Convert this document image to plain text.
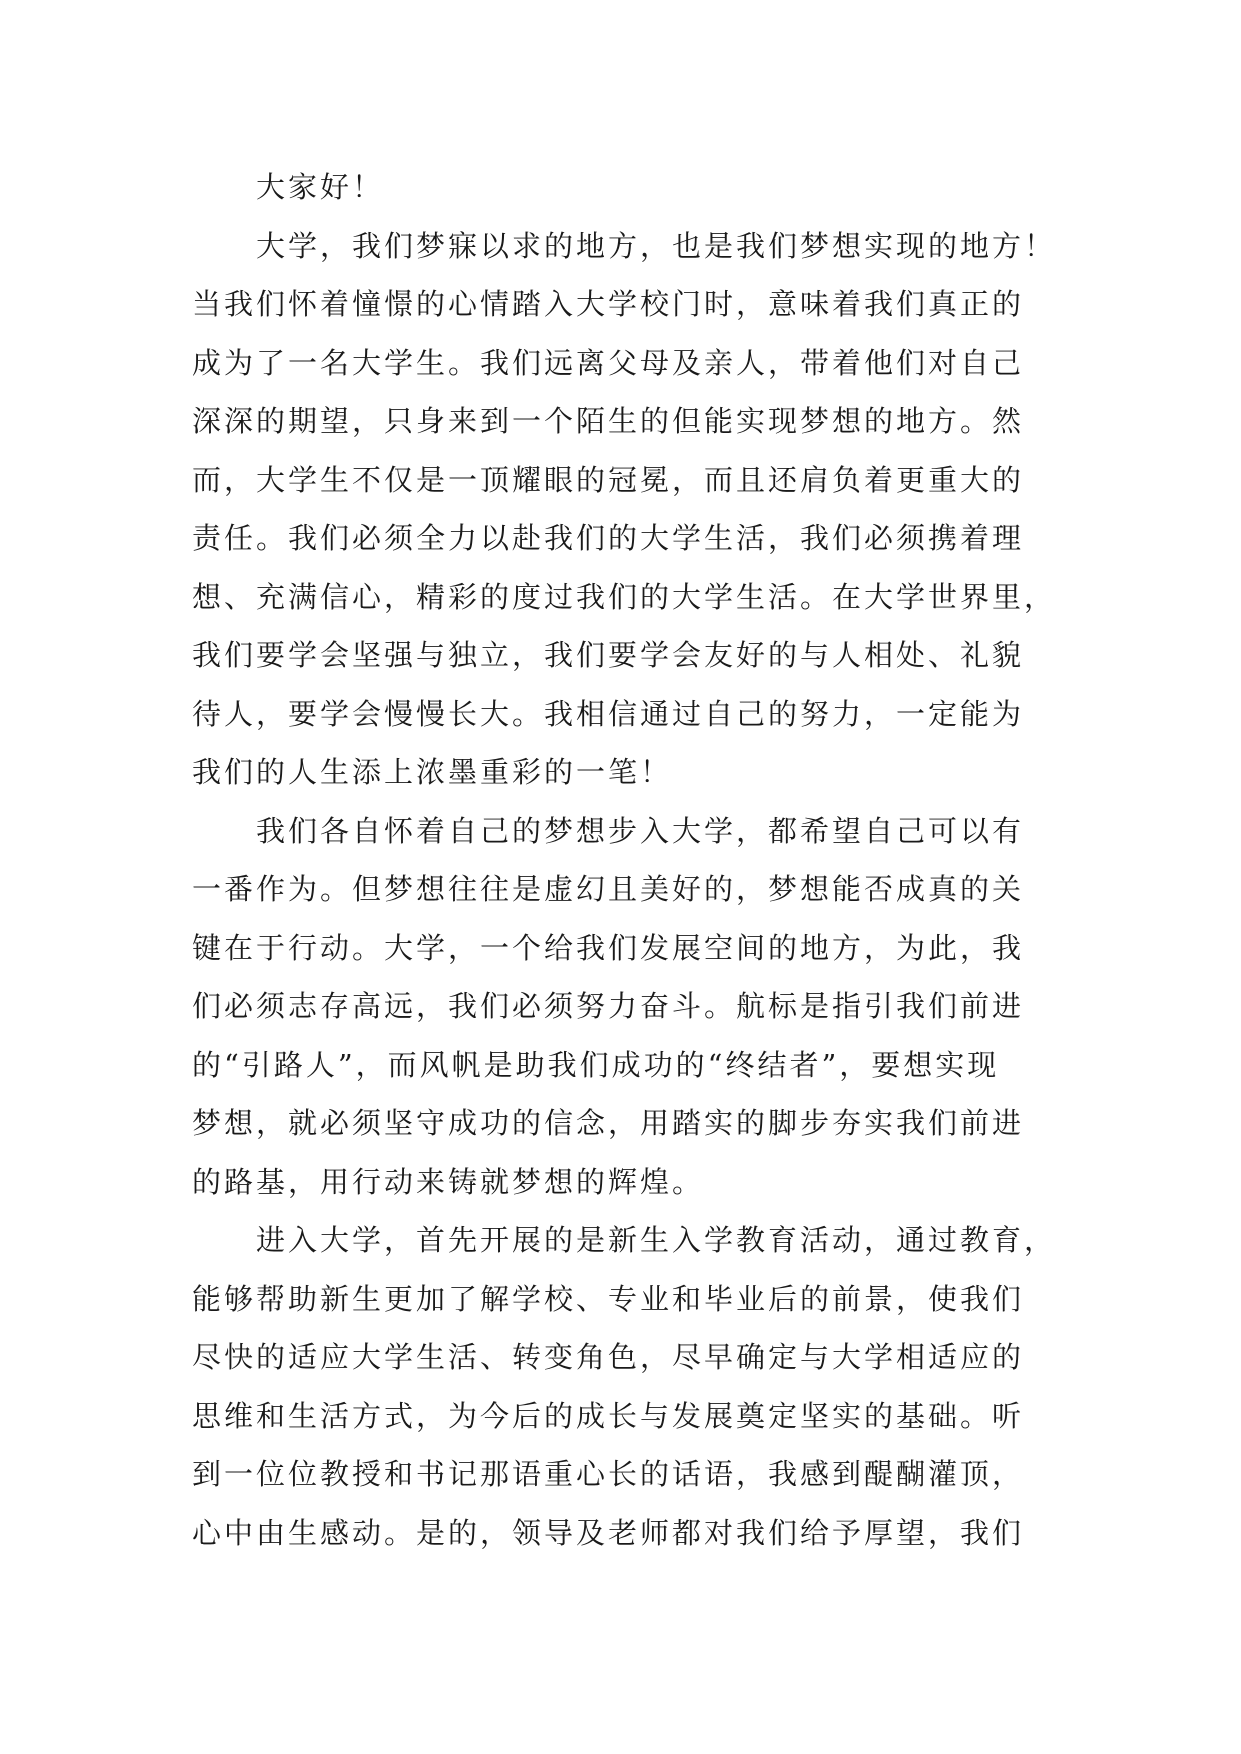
大家好！

大学，我们梦寐以求的地方，也是我们梦想实现的地方！

当我们怀着憧憬的心情踏入大学校门时，意味着我们真正的

成为了一名大学生。我们远离父母及亲人，带着他们对自己

深深的期望，只身来到一个陌生的但能实现梦想的地方。然

而，大学生不仅是一顶耀眼的冠冕，而且还肩负着更重大的

责任。我们必须全力以赴我们的大学生活，我们必须携着理

想、充满信心，精彩的度过我们的大学生活。在大学世界里，

我们要学会坚强与独立，我们要学会友好的与人相处、礼貌

待人，要学会慢慢长大。我相信通过自己的努力，一定能为

我们的人生添上浓墨重彩的一笔！

我们各自怀着自己的梦想步入大学，都希望自己可以有

一番作为。但梦想往往是虚幻且美好的，梦想能否成真的关

键在于行动。大学，一个给我们发展空间的地方，为此，我

们必须志存高远，我们必须努力奋斗。航标是指引我们前进

的“引路人”，而风帆是助我们成功的“终结者”，要想实现

梦想，就必须坚守成功的信念，用踏实的脚步夯实我们前进

的路基，用行动来铸就梦想的辉煌。

进入大学，首先开展的是新生入学教育活动，通过教育，

能够帮助新生更加了解学校、专业和毕业后的前景，使我们

尽快的适应大学生活、转变角色，尽早确定与大学相适应的

思维和生活方式，为今后的成长与发展奠定坚实的基础。听

到一位位教授和书记那语重心长的话语，我感到醍醐灌顶，

心中由生感动。是的，领导及老师都对我们给予厚望，我们
